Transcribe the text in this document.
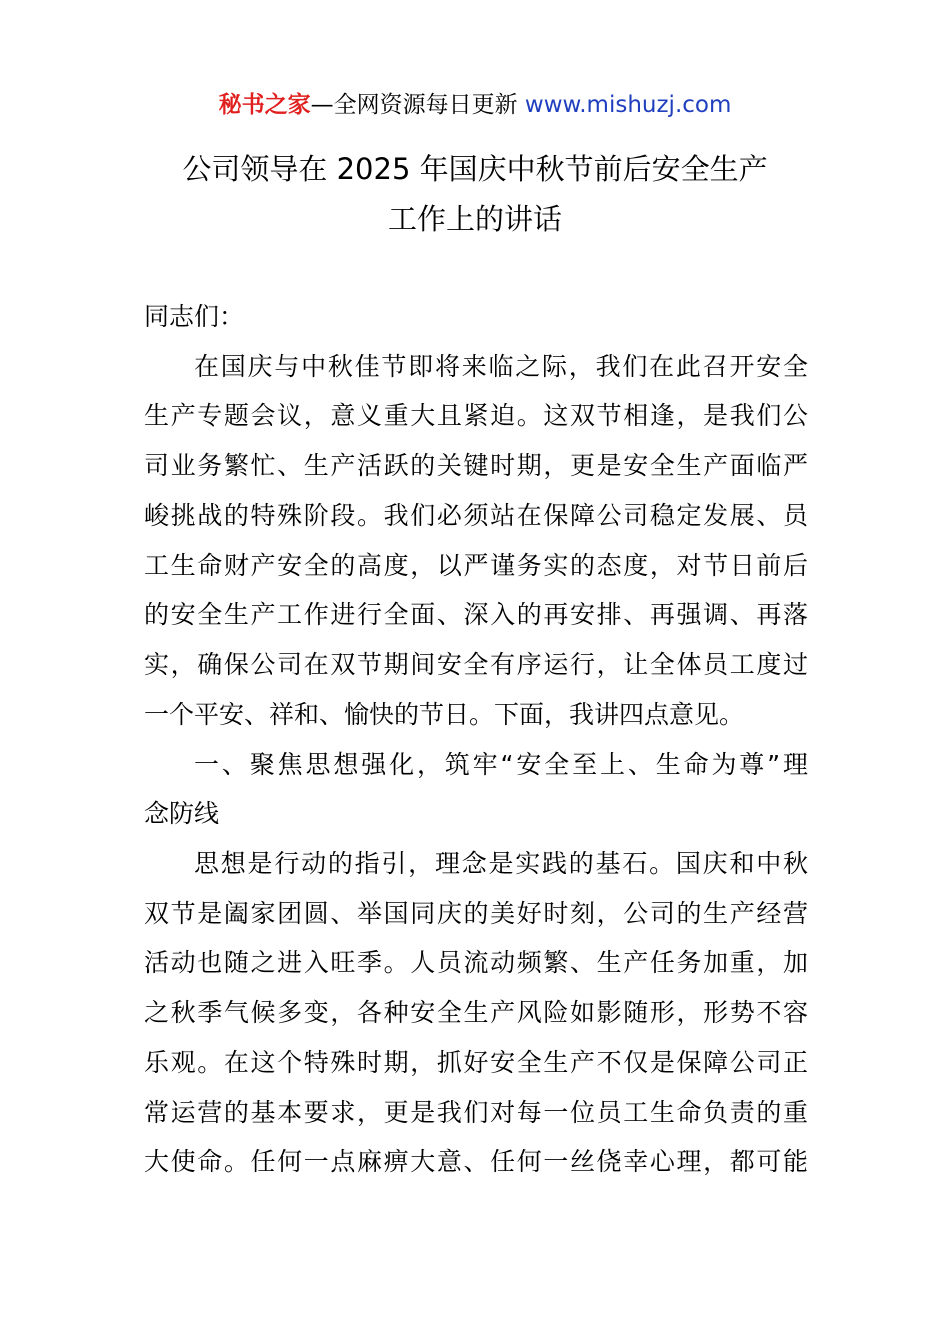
秘书之家—全网资源每日更新 www.mishuzj.com
公司领导在 2025 年国庆中秋节前后安全生产
工作上的讲话
同志们：
在国庆与中秋佳节即将来临之际，我们在此召开安全
生产专题会议，意义重大且紧迫。这双节相逢，是我们公
司业务繁忙、生产活跃的关键时期，更是安全生产面临严
峻挑战的特殊阶段。我们必须站在保障公司稳定发展、员
工生命财产安全的高度，以严谨务实的态度，对节日前后
的安全生产工作进行全面、深入的再安排、再强调、再落
实，确保公司在双节期间安全有序运行，让全体员工度过
一个平安、祥和、愉快的节日。下面，我讲四点意见。
一、聚焦思想强化，筑牢“安全至上、生命为尊”理
念防线
思想是行动的指引，理念是实践的基石。国庆和中秋
双节是阖家团圆、举国同庆的美好时刻，公司的生产经营
活动也随之进入旺季。人员流动频繁、生产任务加重，加
之秋季气候多变，各种安全生产风险如影随形，形势不容
乐观。在这个特殊时期，抓好安全生产不仅是保障公司正
常运营的基本要求，更是我们对每一位员工生命负责的重
大使命。任何一点麻痹大意、任何一丝侥幸心理，都可能
